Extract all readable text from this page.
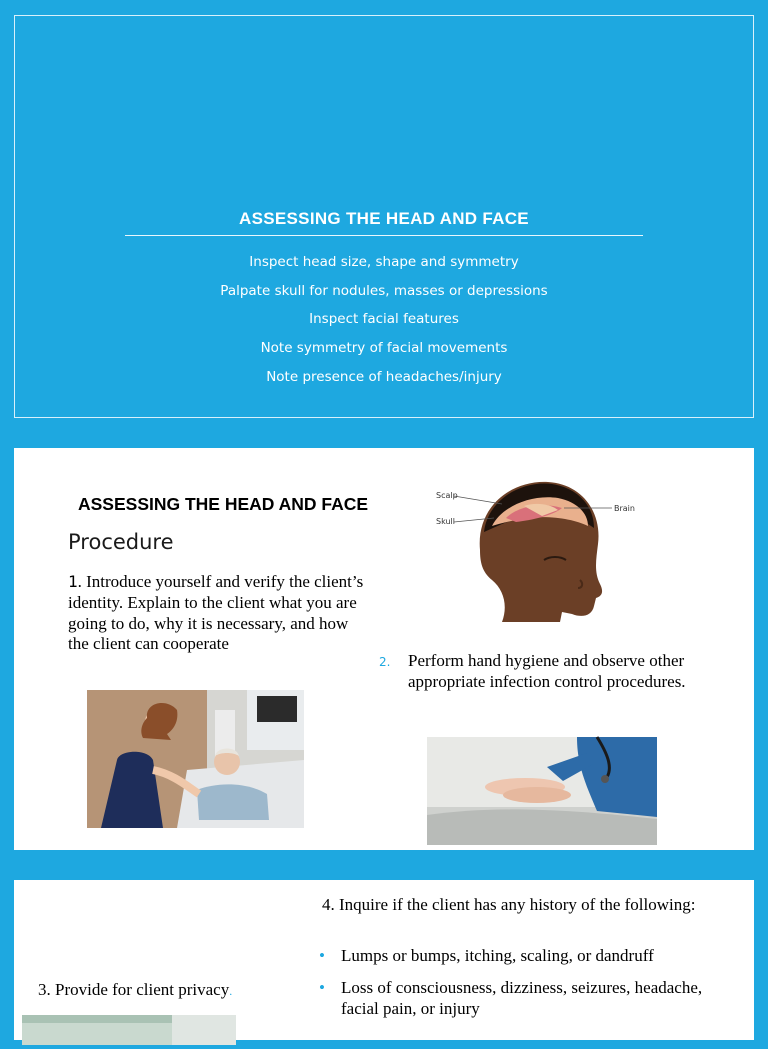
ASSESSING THE HEAD AND FACE
Inspect head size, shape and symmetry
Palpate skull for nodules, masses or depressions
Inspect facial features
Note symmetry of facial movements
Note presence of headaches/injury
ASSESSING THE HEAD AND FACE
Procedure
1. Introduce yourself and verify the client’s identity. Explain to the client what you are going to do, why it is necessary, and how the client can cooperate
2. Perform hand hygiene and observe other appropriate infection control procedures.
Scalp
Skull
Brain
4. Inquire if the client has any history of the following:
• Lumps or bumps, itching, scaling, or dandruff
• Loss of consciousness, dizziness, seizures, headache, facial pain, or injury
3. Provide for client privacy.
